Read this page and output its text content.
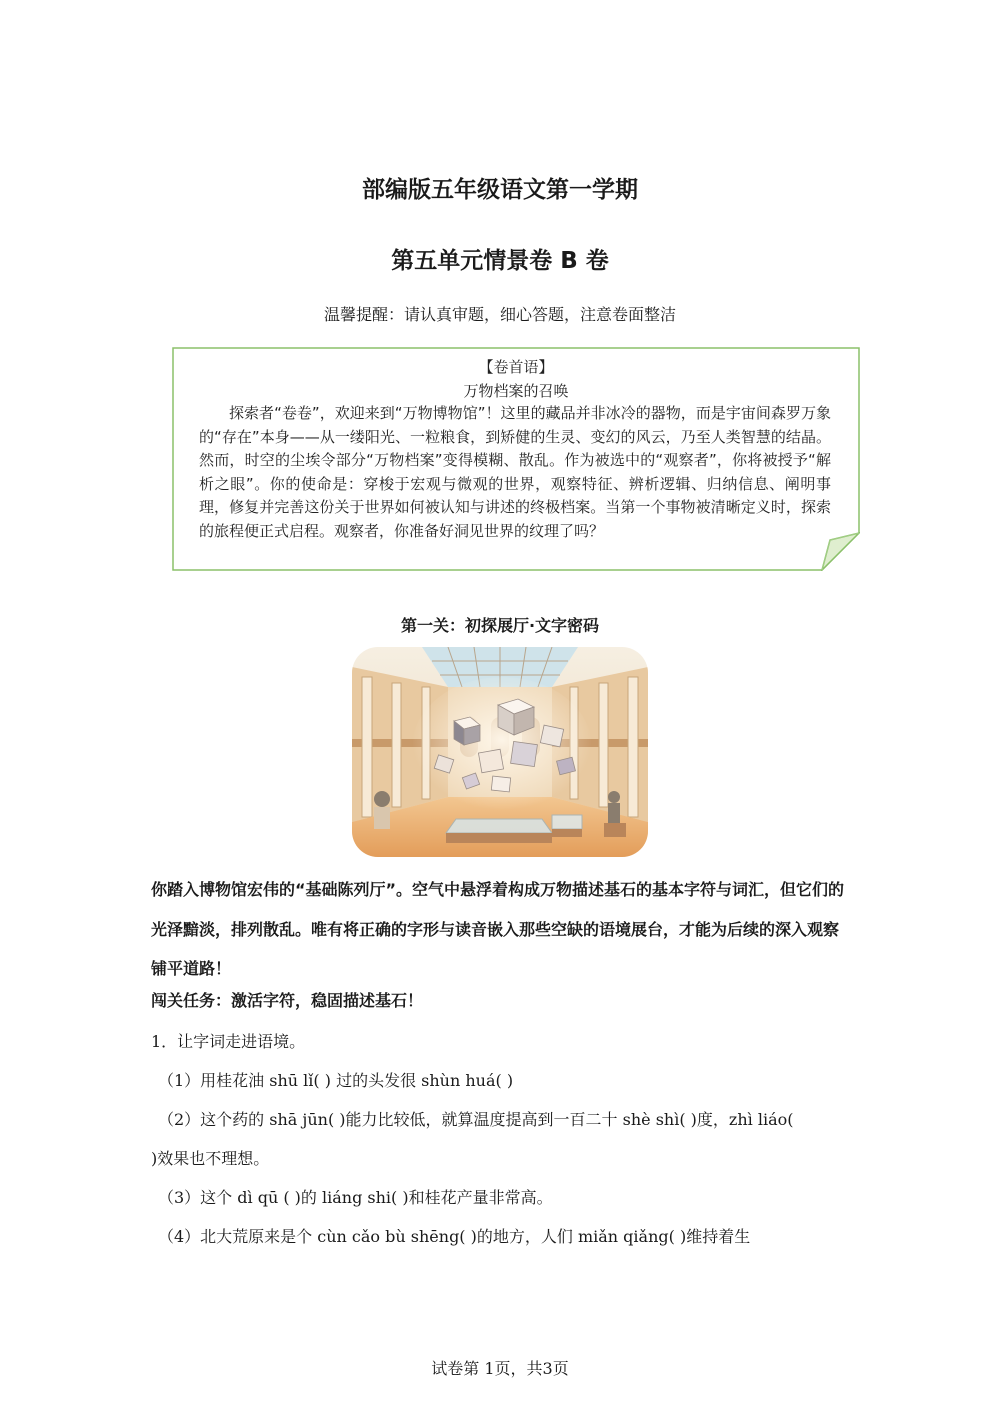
部编版五年级语文第一学期
第五单元情景卷 B 卷
温馨提醒：请认真审题，细心答题，注意卷面整洁
【卷首语】
万物档案的召唤
探索者“卷卷”，欢迎来到“万物博物馆”！这里的藏品并非冰冷的器物，而是宇宙间森罗万象的“存在”本身——从一缕阳光、一粒粮食，到矫健的生灵、变幻的风云，乃至人类智慧的结晶。然而，时空的尘埃令部分“万物档案”变得模糊、散乱。作为被选中的“观察者”，你将被授予“解析之眼”。你的使命是：穿梭于宏观与微观的世界，观察特征、辨析逻辑、归纳信息、阐明事理，修复并完善这份关于世界如何被认知与讲述的终极档案。当第一个事物被清晰定义时，探索的旅程便正式启程。观察者，你准备好洞见世界的纹理了吗？
第一关：初探展厅·文字密码
你踏入博物馆宏伟的“基础陈列厅”。空气中悬浮着构成万物描述基石的基本字符与词汇，但它们的光泽黯淡，排列散乱。唯有将正确的字形与读音嵌入那些空缺的语境展台，才能为后续的深入观察铺平道路！
闯关任务：激活字符，稳固描述基石！
1．让字词走进语境。
（1）用桂花油 shū lǐ( ) 过的头发很 shùn huá( )
（2）这个药的 shā jūn( )能力比较低，就算温度提高到一百二十 shè shì( )度，zhì liáo(
)效果也不理想。
（3）这个 dì qū ( )的 liáng shi( )和桂花产量非常高。
（4）北大荒原来是个 cùn cǎo bù shēng( )的地方，人们 miǎn qiǎng( )维持着生
试卷第 1页，共3页
